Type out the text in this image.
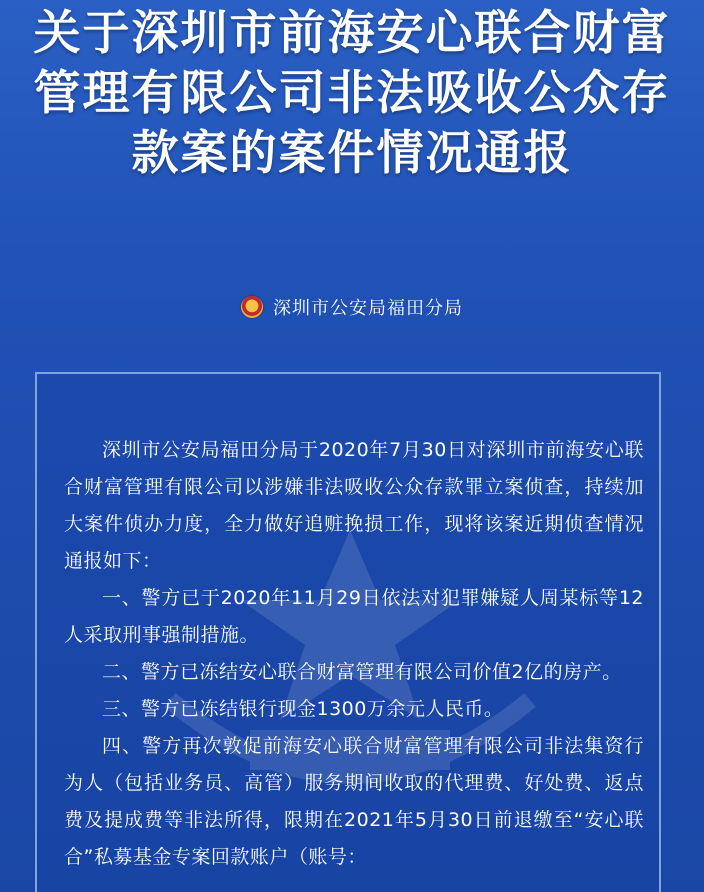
关于深圳市前海安心联合财富管理有限公司非法吸收公众存款案的案件情况通报
深圳市公安局福田分局

深圳市公安局福田分局于2020年7月30日对深圳市前海安心联合财富管理有限公司以涉嫌非法吸收公众存款罪立案侦查，持续加大案件侦办力度，全力做好追赃挽损工作，现将该案近期侦查情况通报如下：

一、警方已于2020年11月29日依法对犯罪嫌疑人周某标等12人采取刑事强制措施。

二、警方已冻结安心联合财富管理有限公司价值2亿的房产。

三、警方已冻结银行现金1300万余元人民币。

四、警方再次敦促前海安心联合财富管理有限公司非法集资行为人（包括业务员、高管）服务期间收取的代理费、好处费、返点费及提成费等非法所得，限期在2021年5月30日前退缴至“安心联合”私募基金专案回款账户（账号：
